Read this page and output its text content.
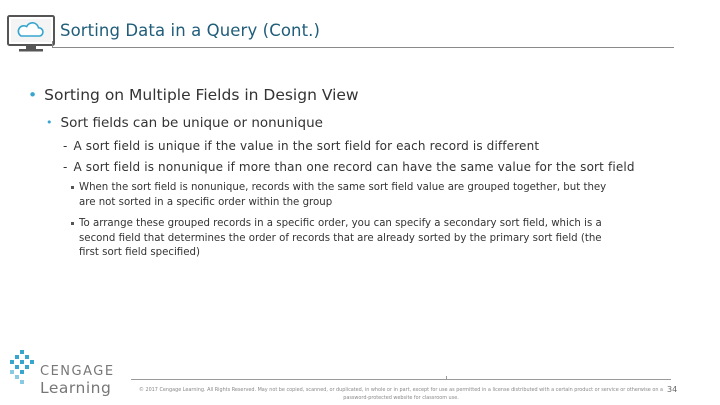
Sorting Data in a Query (Cont.)
• Sorting on Multiple Fields in Design View
• Sort fields can be unique or nonunique
- A sort field is unique if the value in the sort field for each record is different
- A sort field is nonunique if more than one record can have the same value for the sort field
When the sort field is nonunique, records with the same sort field value are grouped together, but they
are not sorted in a specific order within the group
To arrange these grouped records in a specific order, you can specify a secondary sort field, which is a
second field that determines the order of records that are already sorted by the primary sort field (the
first sort field specified)
CENGAGE
Learning	© 2017 Cengage Learning. All Rights Reserved. May not be copied, scanned, or duplicated, in whole or in part, except for use as permitted in a license distributed with a certain product or service or otherwise on a
password-protected website for classroom use.
34
